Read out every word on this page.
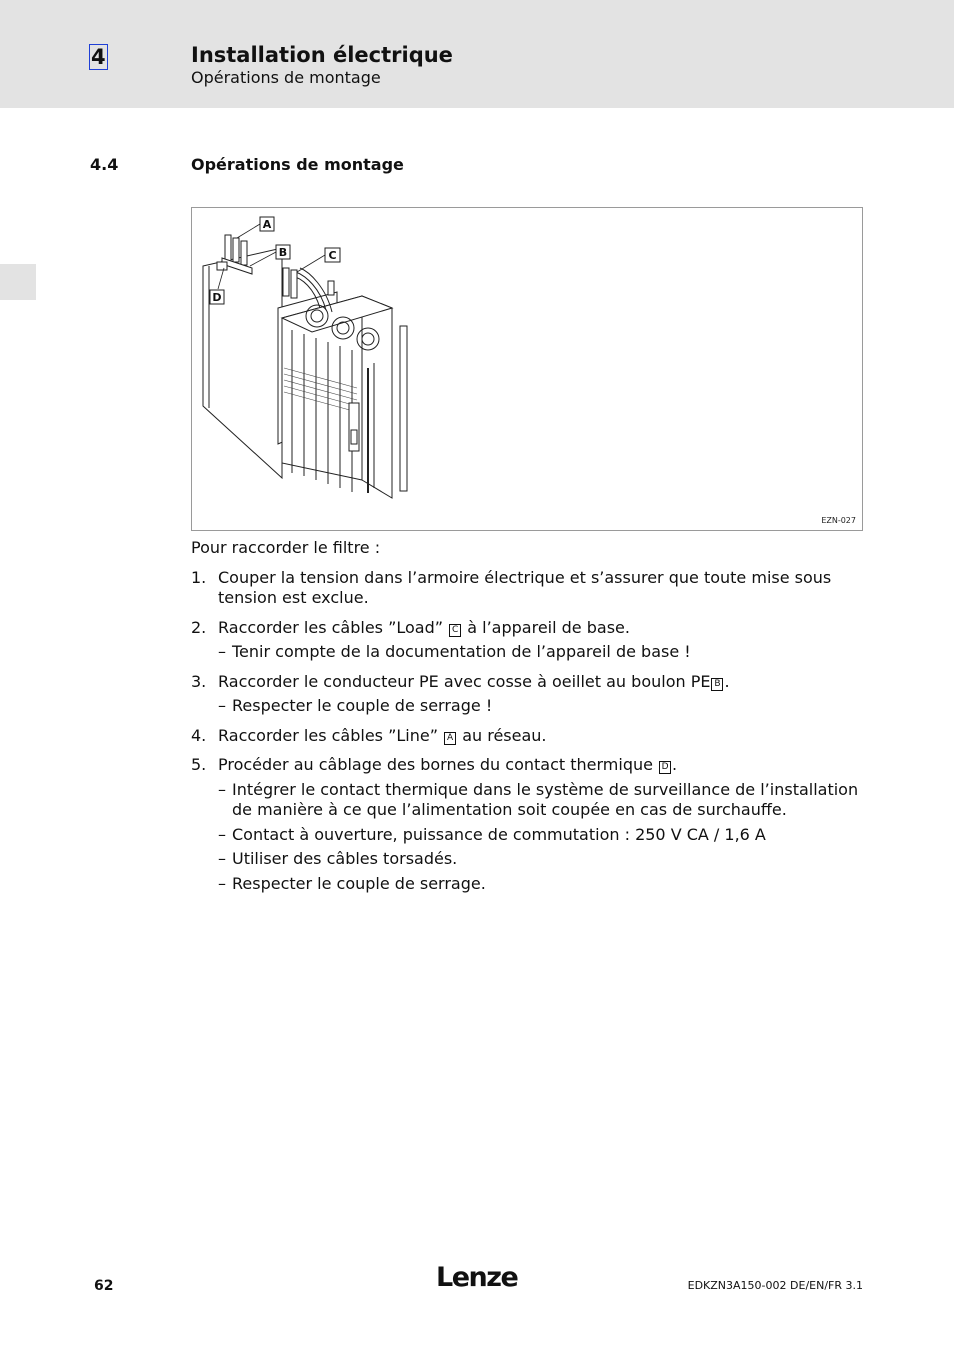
4	Installation électrique
Opérations de montage
4.4	Opérations de montage
A
B	C
D
EZN-027

Pour raccorder le filtre :

1. Couper la tension dans l’armoire électrique et s’assurer que toute mise sous tension est exclue.
2. Raccorder les câbles ”Load” C à l’appareil de base.
– Tenir compte de la documentation de l’appareil de base !
3. Raccorder le conducteur PE avec cosse à oeillet au boulon PE B .
– Respecter le couple de serrage !
4. Raccorder les câbles ”Line” A au réseau.
5. Procéder au câblage des bornes du contact thermique D .
– Intégrer le contact thermique dans le système de surveillance de l’installation de manière à ce que l’alimentation soit coupée en cas de surchauffe.
– Contact à ouverture, puissance de commutation : 250 V CA / 1,6 A
– Utiliser des câbles torsadés.
– Respecter le couple de serrage.
62	Lenze	EDKZN3A150-002 DE/EN/FR 3.1
